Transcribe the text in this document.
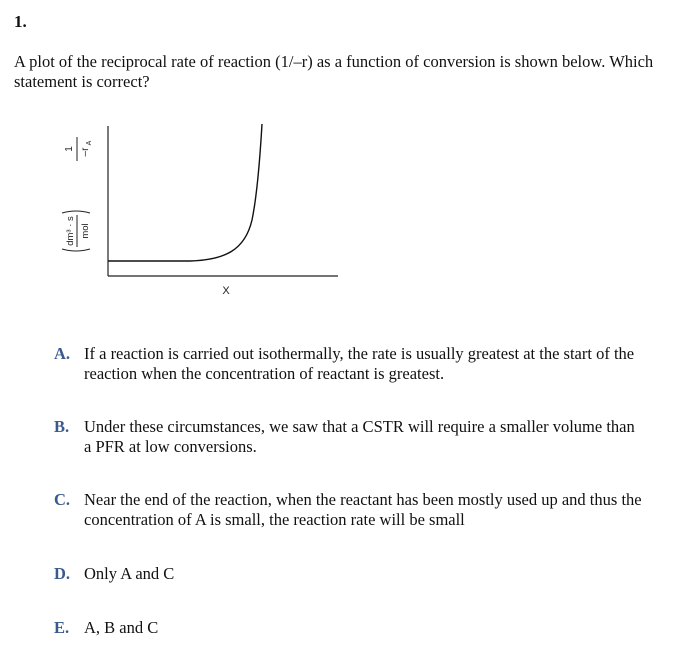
1.
A plot of the reciprocal rate of reaction (1/–r) as a function of conversion is shown below. Which statement is correct?
1 –r
A
dm³ · s mol
X
A. If a reaction is carried out isothermally, the rate is usually greatest at the start of the reaction when the concentration of reactant is greatest.
B. Under these circumstances, we saw that a CSTR will require a smaller volume than a PFR at low conversions.
C. Near the end of the reaction, when the reactant has been mostly used up and thus the concentration of A is small, the reaction rate will be small
D. Only A and C
E. A, B and C
